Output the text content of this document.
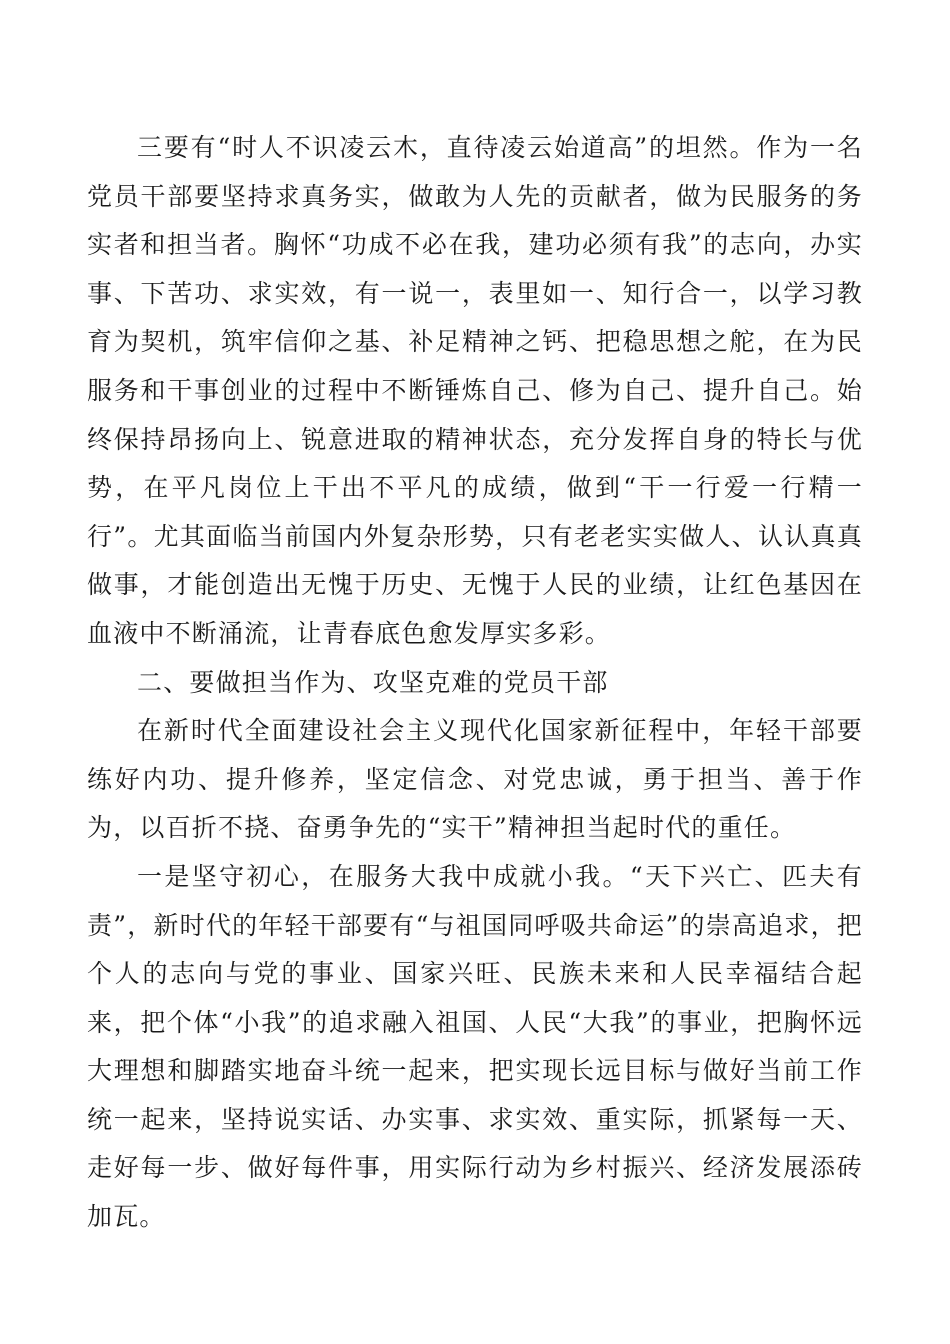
三要有“时人不识凌云木，直待凌云始道高”的坦然。作为一名党员干部要坚持求真务实，做敢为人先的贡献者，做为民服务的务实者和担当者。胸怀“功成不必在我，建功必须有我”的志向，办实事、下苦功、求实效，有一说一，表里如一、知行合一，以学习教育为契机，筑牢信仰之基、补足精神之钙、把稳思想之舵，在为民服务和干事创业的过程中不断锤炼自己、修为自己、提升自己。始终保持昂扬向上、锐意进取的精神状态，充分发挥自身的特长与优势，在平凡岗位上干出不平凡的成绩，做到“干一行爱一行精一行”。尤其面临当前国内外复杂形势，只有老老实实做人、认认真真做事，才能创造出无愧于历史、无愧于人民的业绩，让红色基因在血液中不断涌流，让青春底色愈发厚实多彩。

二、要做担当作为、攻坚克难的党员干部

在新时代全面建设社会主义现代化国家新征程中，年轻干部要练好内功、提升修养，坚定信念、对党忠诚，勇于担当、善于作为，以百折不挠、奋勇争先的“实干”精神担当起时代的重任。

一是坚守初心，在服务大我中成就小我。“天下兴亡、匹夫有责”，新时代的年轻干部要有“与祖国同呼吸共命运”的崇高追求，把个人的志向与党的事业、国家兴旺、民族未来和人民幸福结合起来，把个体“小我”的追求融入祖国、人民“大我”的事业，把胸怀远大理想和脚踏实地奋斗统一起来，把实现长远目标与做好当前工作统一起来，坚持说实话、办实事、求实效、重实际，抓紧每一天、走好每一步、做好每件事，用实际行动为乡村振兴、经济发展添砖加瓦。
